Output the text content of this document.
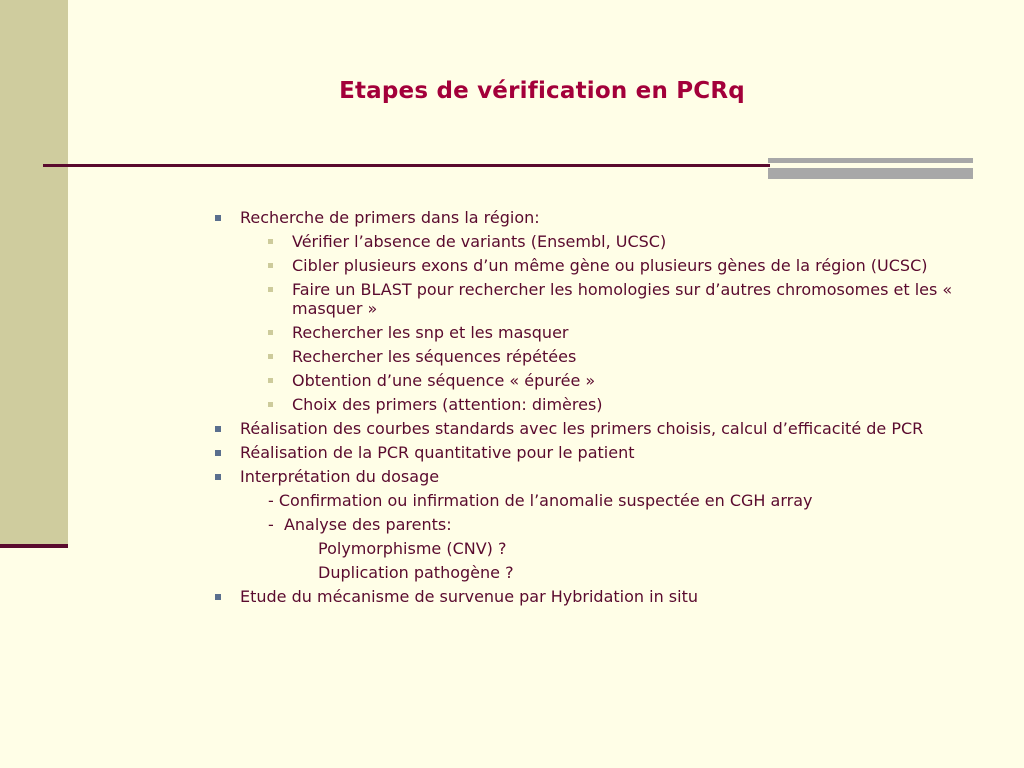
Etapes de vérification en PCRq
Recherche de primers dans la région:
Vérifier l’absence de variants (Ensembl, UCSC)
Cibler plusieurs exons d’un même gène ou plusieurs gènes de la région (UCSC)
Faire un BLAST pour rechercher les homologies sur d’autres chromosomes et les « masquer »
Rechercher les snp et les masquer
Rechercher les séquences répétées
Obtention d’une séquence « épurée »
Choix des primers (attention: dimères)
Réalisation des courbes standards avec les primers choisis, calcul d’efficacité de PCR
Réalisation de la PCR quantitative pour le patient
Interprétation du dosage
- Confirmation ou infirmation de l’anomalie suspectée en CGH array
-  Analyse des parents:
Polymorphisme (CNV) ?
Duplication pathogène ?
Etude du mécanisme de survenue par Hybridation in situ
